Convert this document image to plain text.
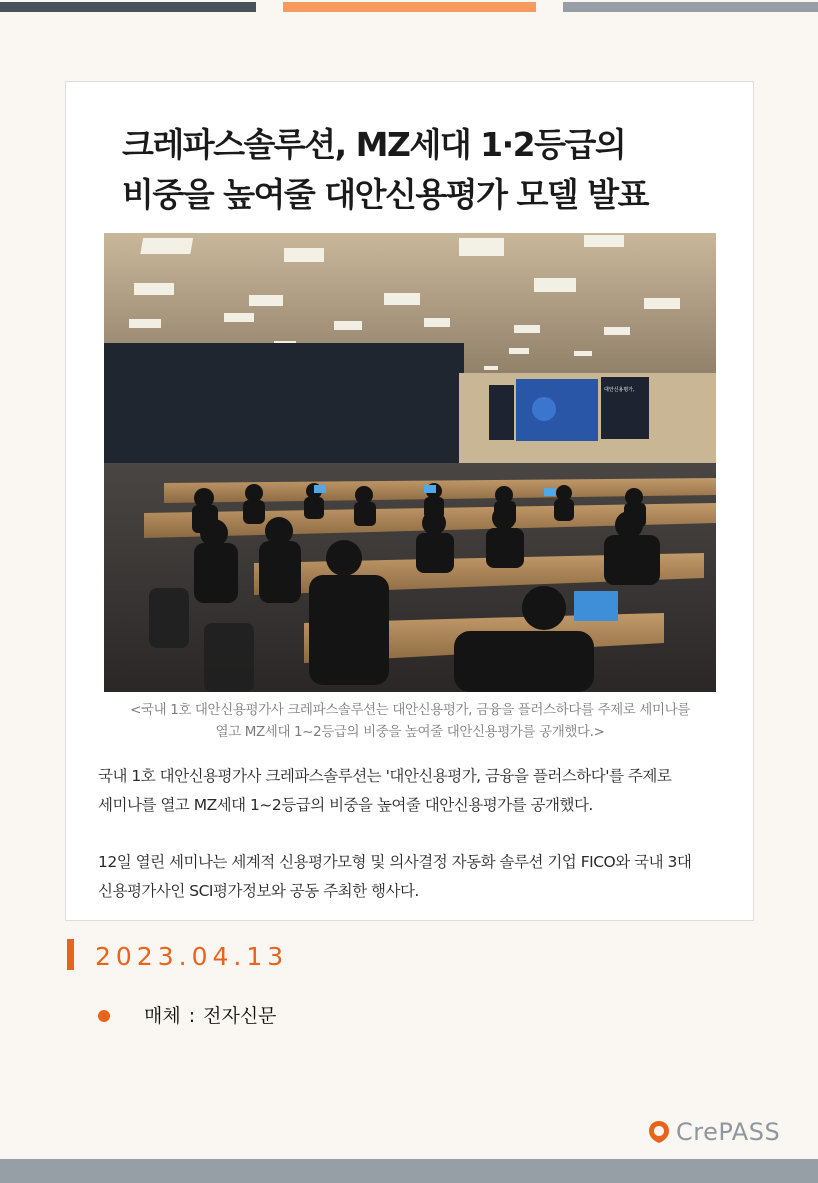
크레파스솔루션, MZ세대 1·2등급의
비중을 높여줄 대안신용평가 모델 발표
대안신용평가,
<국내 1호 대안신용평가사 크레파스솔루션는 대안신용평가, 금융을 플러스하다를 주제로 세미나를
열고 MZ세대 1~2등급의 비중을 높여줄 대안신용평가를 공개했다.>

국내 1호 대안신용평가사 크레파스솔루션는 '대안신용평가, 금융을 플러스하다'를 주제로

세미나를 열고 MZ세대 1~2등급의 비중을 높여줄 대안신용평가를 공개했다.

12일 열린 세미나는 세계적 신용평가모형 및 의사결정 자동화 솔루션 기업 FICO와 국내 3대

신용평가사인 SCI평가정보와 공동 주최한 행사다.

2023.04.13
매체 : 전자신문
CrePASS
